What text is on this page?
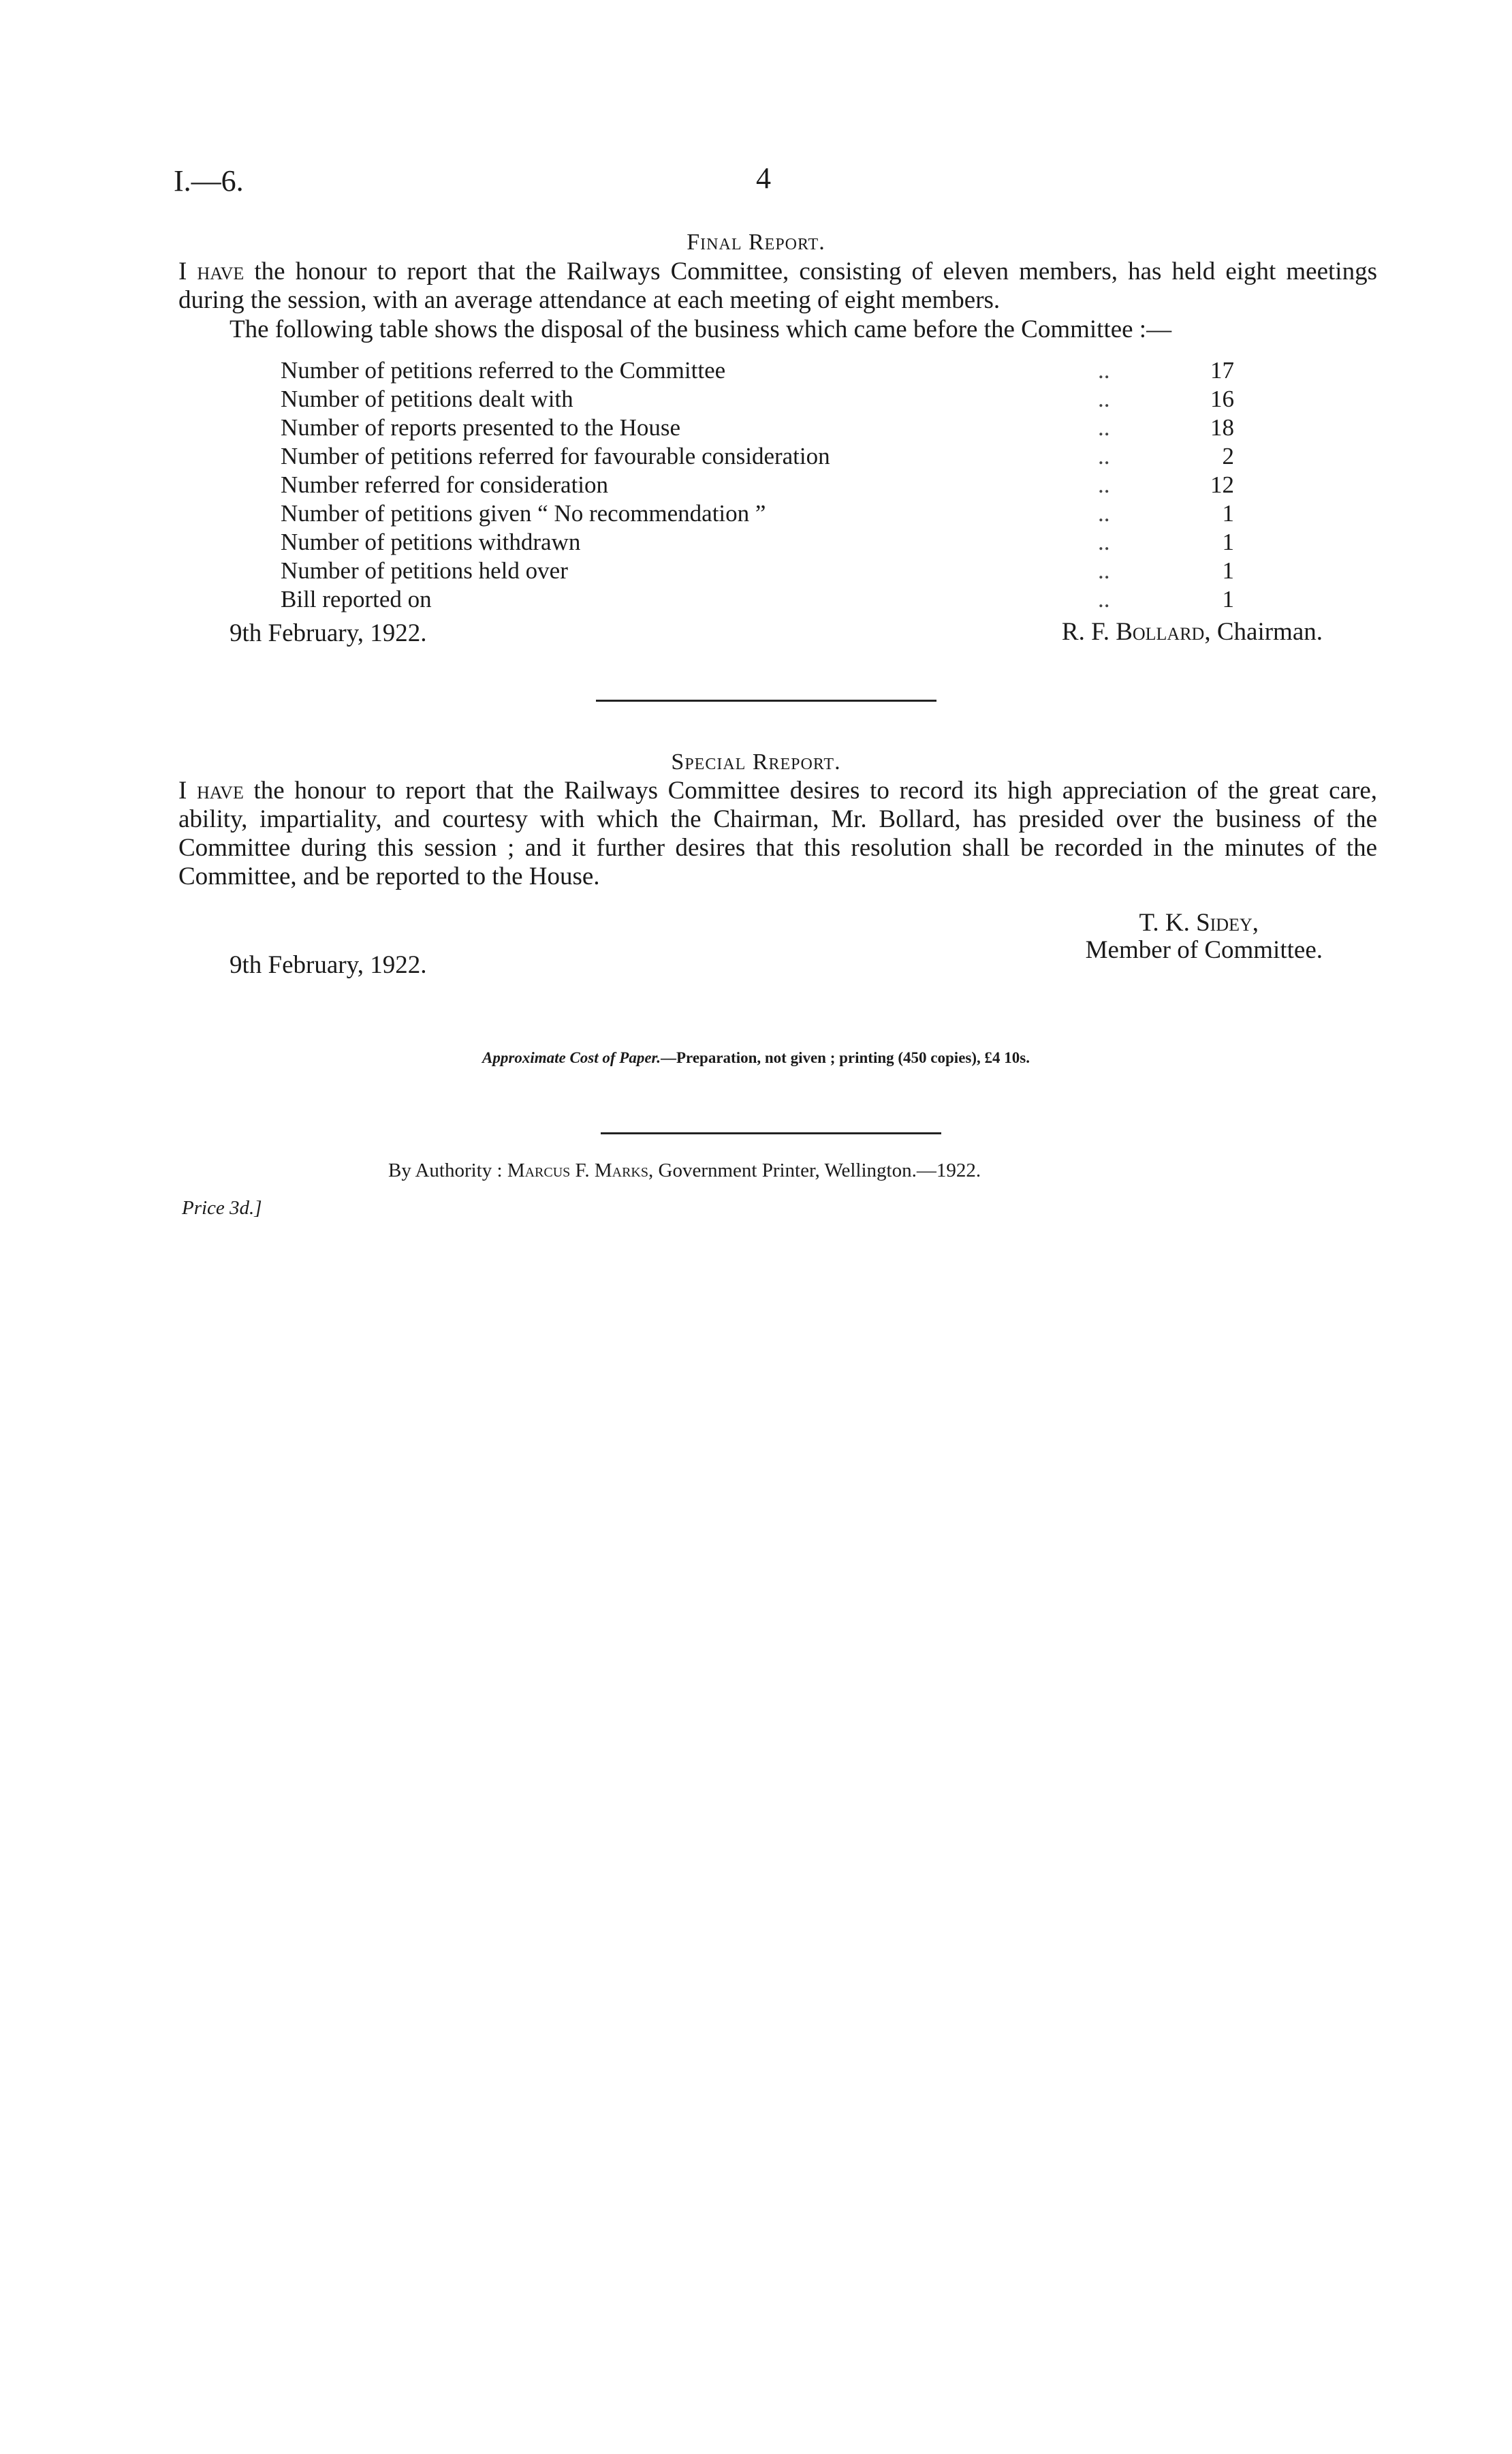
I.—6.	4
Final Report.
I have the honour to report that the Railways Committee, consisting of eleven members, has held eight meetings during the session, with an average attendance at each meeting of eight members.
The following table shows the disposal of the business which came before the Committee :—
Number of petitions referred to the Committee	..	17
Number of petitions dealt with	..	16
Number of reports presented to the House	..	18
Number of petitions referred for favourable consideration	..	2
Number referred for consideration	..	12
Number of petitions given “ No recommendation ”	..	1
Number of petitions withdrawn	..	1
Number of petitions held over	..	1
Bill reported on	..	1
9th February, 1922.	R. F. Bollard, Chairman.
Special Rreport.
I have the honour to report that the Railways Committee desires to record its high appreciation of the great care, ability, impartiality, and courtesy with which the Chairman, Mr. Bollard, has presided over the business of the Committee during this session ; and it further desires that this resolution shall be recorded in the minutes of the Committee, and be reported to the House.
T. K. Sidey,
Member of Committee.
9th February, 1922.
Approximate Cost of Paper.—Preparation, not given ; printing (450 copies), £4 10s.
By Authority : Marcus F. Marks, Government Printer, Wellington.—1922.
Price 3d.]
